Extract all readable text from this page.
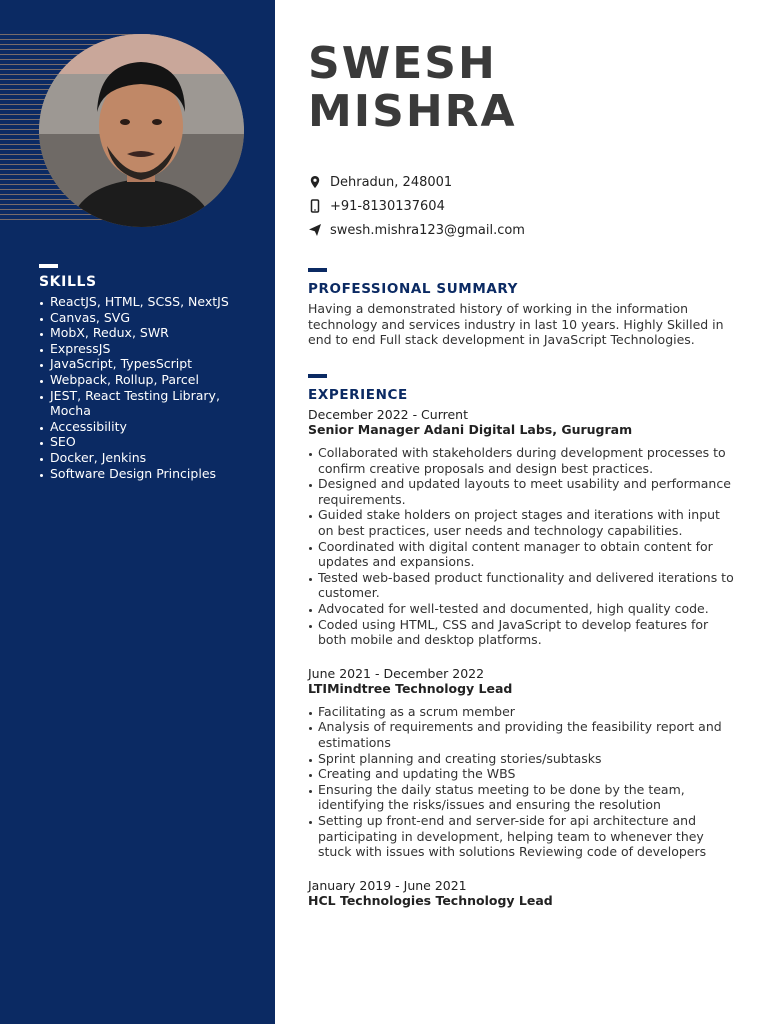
SKILLS
ReactJS, HTML, SCSS, NextJS
Canvas, SVG
MobX, Redux, SWR
ExpressJS
JavaScript, TypesScript
Webpack, Rollup, Parcel
JEST, React Testing Library, Mocha
Accessibility
SEO
Docker, Jenkins
Software Design Principles
SWESH
MISHRA
Dehradun, 248001
+91-8130137604
swesh.mishra123@gmail.com
PROFESSIONAL SUMMARY

Having a demonstrated history of working in the information technology and services industry in last 10 years. Highly Skilled in end to end Full stack development in JavaScript Technologies.

EXPERIENCE
December 2022 - Current
Senior Manager Adani Digital Labs, Gurugram
Collaborated with stakeholders during development processes to confirm creative proposals and design best practices.
Designed and updated layouts to meet usability and performance requirements.
Guided stake holders on project stages and iterations with input on best practices, user needs and technology capabilities.
Coordinated with digital content manager to obtain content for updates and expansions.
Tested web-based product functionality and delivered iterations to customer.
Advocated for well-tested and documented, high quality code.
Coded using HTML, CSS and JavaScript to develop features for both mobile and desktop platforms.
June 2021 - December 2022
LTIMindtree Technology Lead
Facilitating as a scrum member
Analysis of requirements and providing the feasibility report and estimations
Sprint planning and creating stories/subtasks
Creating and updating the WBS
Ensuring the daily status meeting to be done by the team, identifying the risks/issues and ensuring the resolution
Setting up front-end and server-side for api architecture and participating in development, helping team to whenever they stuck with issues with solutions Reviewing code of developers
January 2019 - June 2021
HCL Technologies Technology Lead
